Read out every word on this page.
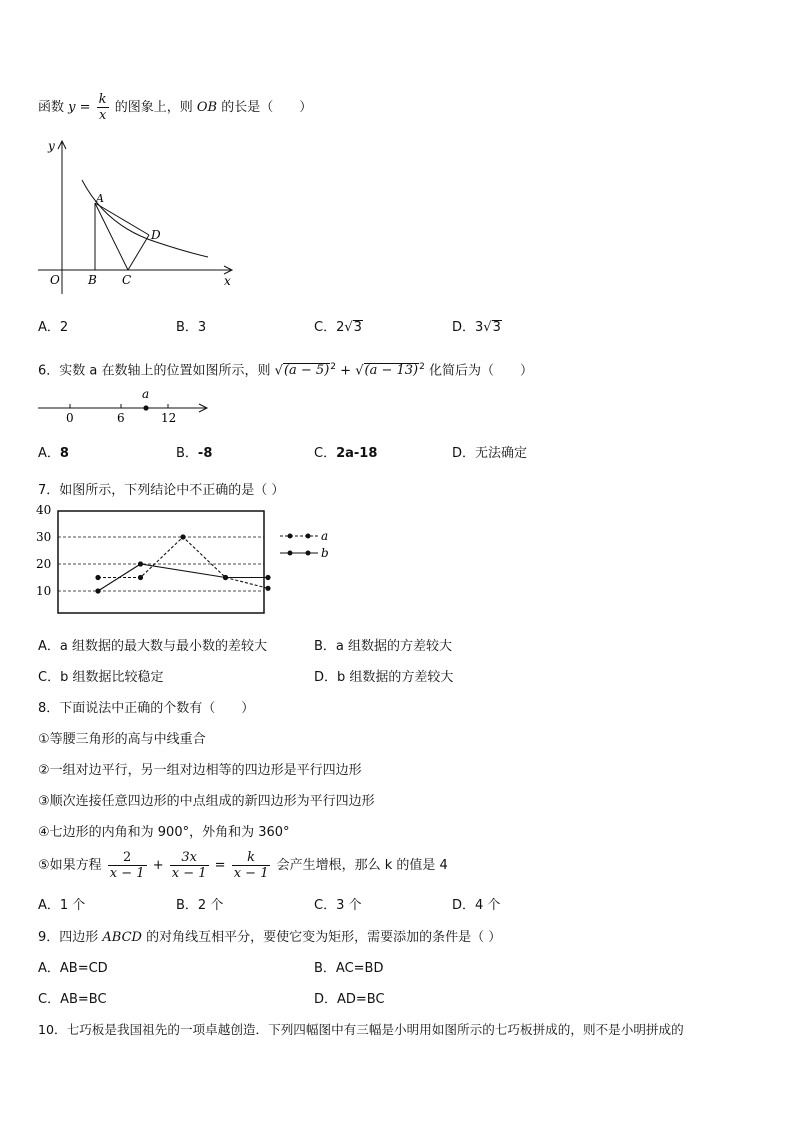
函数 $y = \frac{k}{x}$ 的图象上，则 OB 的长是（　　）
y
x
O
A
B C
D
A．2	B．3	C．2√3	D．3√3
6．实数 a 在数轴上的位置如图所示，则 $√(a - 5)^2 + √(a - 13)^2$ 化简后为（　　）
a
0	6	12
A．8	B．-8	C．2a-18	D．无法确定
7．如图所示，下列结论中不正确的是（ ）
40
30
20
10
a
b
A．a 组数据的最大数与最小数的差较大	B．a 组数据的方差较大
C．b 组数据比较稳定	D．b 组数据的方差较大
8．下面说法中正确的个数有（　　）
①等腰三角形的高与中线重合
②一组对边平行，另一组对边相等的四边形是平行四边形
③顺次连接任意四边形的中点组成的新四边形为平行四边形
④七边形的内角和为 900°，外角和为 360°
⑤如果方程 $\frac{2}{x - 1} + \frac{3x}{x - 1} = \frac{k}{x - 1}$ 会产生增根，那么 k 的值是 4
A．1 个	B．2 个	C．3 个	D．4 个
9．四边形 ABCD 的对角线互相平分，要使它变为矩形，需要添加的条件是（ ）
A．AB=CD	B．AC=BD
C．AB=BC	D．AD=BC
10．七巧板是我国祖先的一项卓越创造．下列四幅图中有三幅是小明用如图所示的七巧板拼成的，则不是小明拼成的
